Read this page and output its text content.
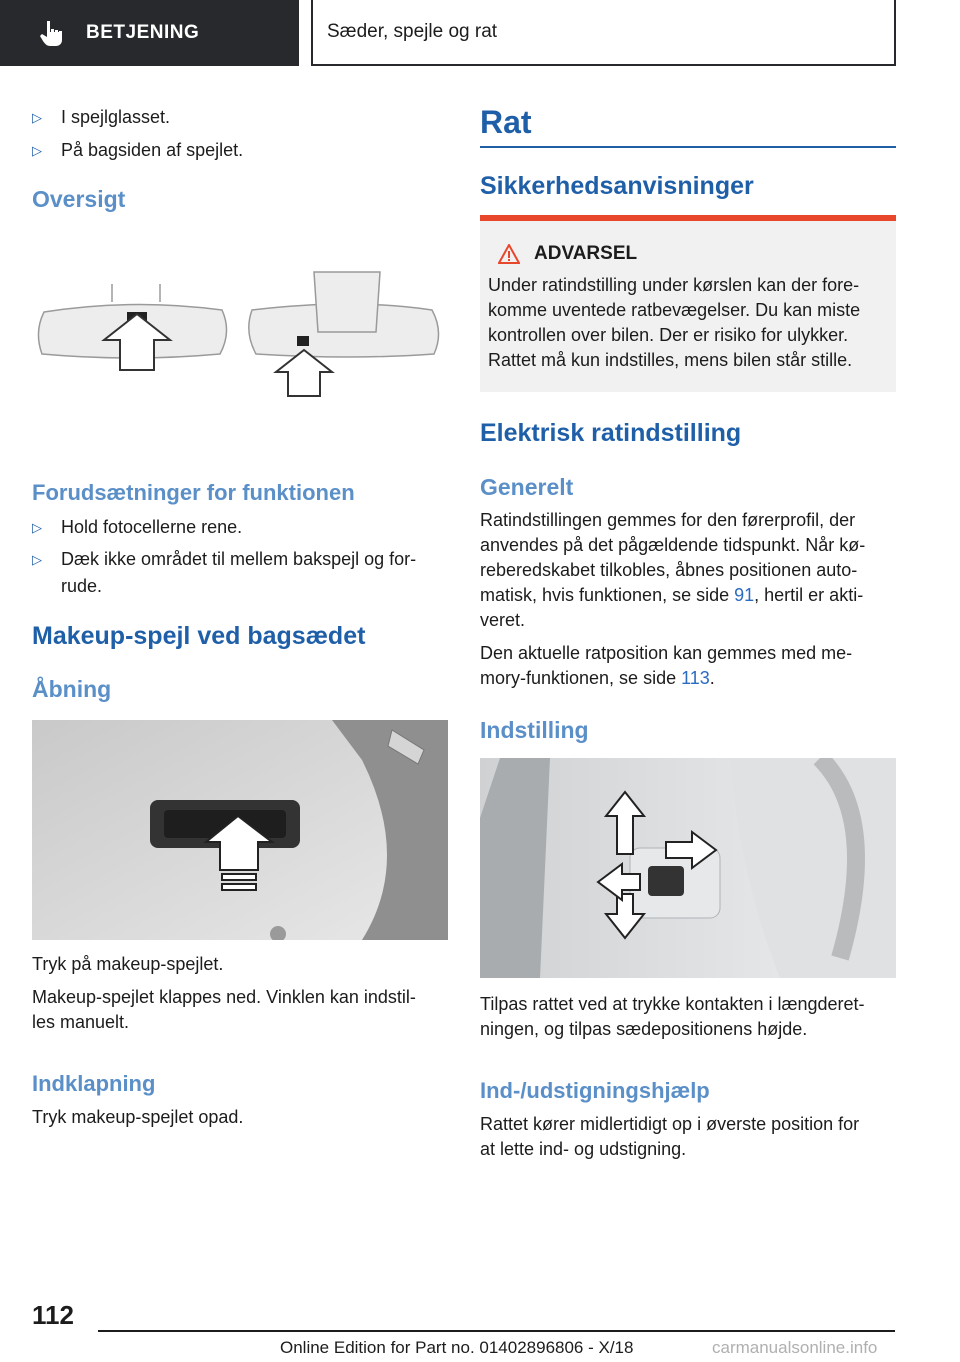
BETJENING	Sæder, spejle og rat
▷ I spejlglasset.
▷ På bagsiden af spejlet.
Oversigt
Forudsætninger for funktionen
▷ Hold fotocellerne rene.
▷ Dæk ikke området til mellem bakspejl og for-
rude.
Makeup-spejl ved bagsædet
Åbning
Tryk på makeup-spejlet.
Makeup-spejlet klappes ned. Vinklen kan indstil-
les manuelt.
Indklapning
Tryk makeup-spejlet opad.
Rat
Sikkerhedsanvisninger
ADVARSEL
Under ratindstilling under kørslen kan der fore-
komme uventede ratbevægelser. Du kan miste
kontrollen over bilen. Der er risiko for ulykker.
Rattet må kun indstilles, mens bilen står stille.
Elektrisk ratindstilling
Generelt
Ratindstillingen gemmes for den førerprofil, der
anvendes på det pågældende tidspunkt. Når kø-
reberedskabet tilkobles, åbnes positionen auto-
matisk, hvis funktionen, se side 91, hertil er akti-
veret.
Den aktuelle ratposition kan gemmes med me-
mory-funktionen, se side 113.
Indstilling
Tilpas rattet ved at trykke kontakten i længderet-
ningen, og tilpas sædepositionens højde.
Ind-/udstigningshjælp
Rattet kører midlertidigt op i øverste position for
at lette ind- og udstigning.
112
Online Edition for Part no. 01402896806 - X/18	carmanualsonline.info
